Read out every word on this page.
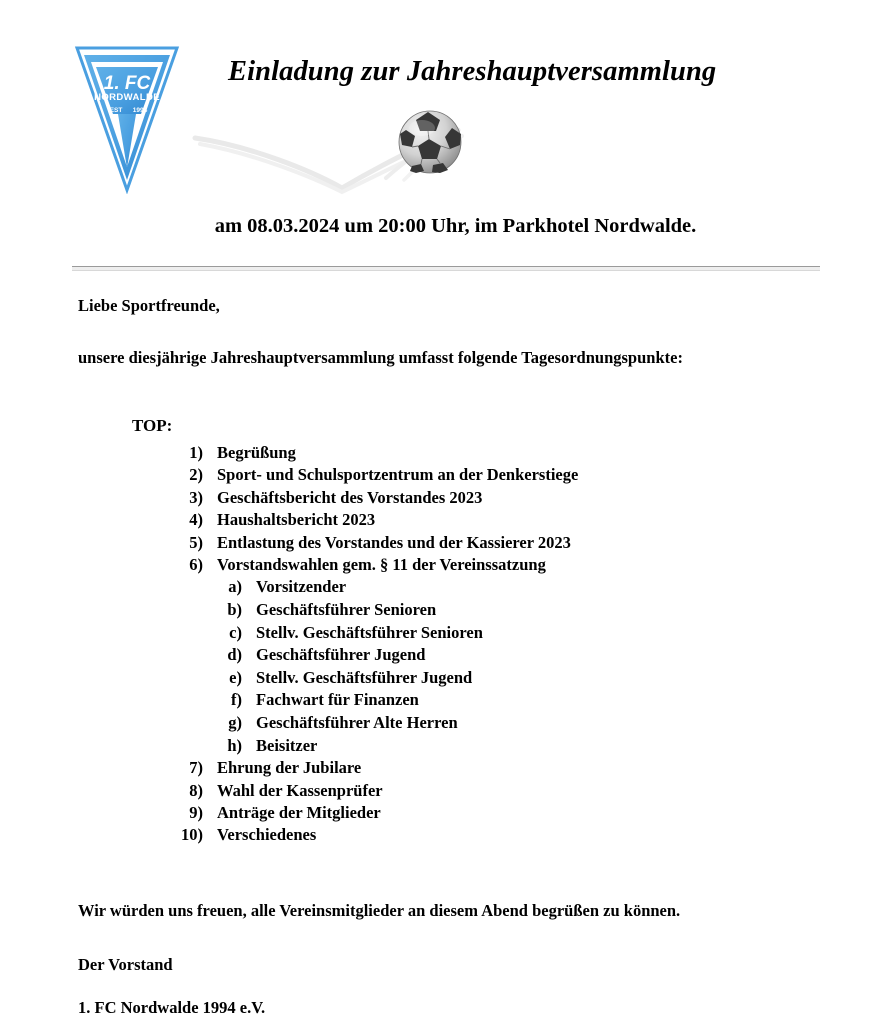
1. FC
NORDWALDE
EST 1994
Einladung zur Jahreshauptversammlung
am 08.03.2024 um 20:00 Uhr, im Parkhotel Nordwalde.

Liebe Sportfreunde,

unsere diesjährige Jahreshauptversammlung umfasst folgende Tagesordnungspunkte:

TOP:
1) Begrüßung
2) Sport- und Schulsportzentrum an der Denkerstiege
3) Geschäftsbericht des Vorstandes 2023
4) Haushaltsbericht 2023
5) Entlastung des Vorstandes und der Kassierer 2023
6) Vorstandswahlen gem. § 11 der Vereinssatzung
a) Vorsitzender
b) Geschäftsführer Senioren
c) Stellv. Geschäftsführer Senioren
d) Geschäftsführer Jugend
e) Stellv. Geschäftsführer Jugend
f) Fachwart für Finanzen
g) Geschäftsführer Alte Herren
h) Beisitzer
7) Ehrung der Jubilare
8) Wahl der Kassenprüfer
9) Anträge der Mitglieder
10) Verschiedenes

Wir würden uns freuen, alle Vereinsmitglieder an diesem Abend begrüßen zu können.

Der Vorstand

1. FC Nordwalde 1994 e.V.
